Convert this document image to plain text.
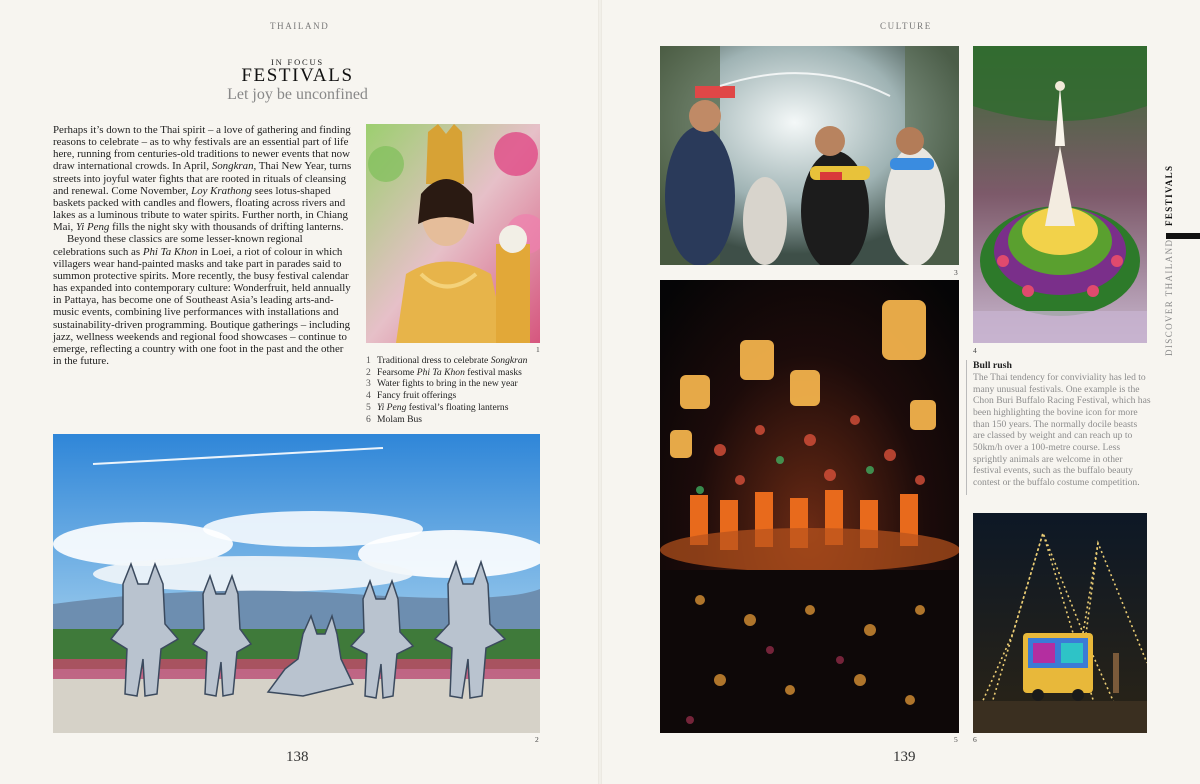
THAILAND
IN FOCUS
FESTIVALS
Let joy be unconfined

Perhaps it’s down to the Thai spirit – a love of gathering and finding reasons to celebrate – as to why festivals are an essential part of life here, running from centuries-old traditions to newer events that now draw international crowds. In April, Songkran, Thai New Year, turns streets into joyful water fights that are rooted in rituals of cleansing and renewal. Come November, Loy Krathong sees lotus-shaped baskets packed with candles and flowers, floating across rivers and lakes as a luminous tribute to water spirits. Further north, in Chiang Mai, Yi Peng fills the night sky with thousands of drifting lanterns.

Beyond these classics are some lesser-known regional celebrations such as Phi Ta Khon in Loei, a riot of colour in which villagers wear hand-painted masks and take part in parades said to summon protective spirits. More recently, the busy festival calendar has expanded into contemporary culture: Wonderfruit, held annually in Pattaya, has become one of Southeast Asia’s leading arts-and-music events, combining live performances with installations and sustainability-driven programming. Boutique gatherings – including jazz, wellness weekends and regional food showcases – continue to emerge, reflecting a country with one foot in the past and the other in the future.

1
1 Traditional dress to celebrate Songkran
2 Fearsome Phi Ta Khon festival masks
3 Water fights to bring in the new year
4 Fancy fruit offerings
5 Yi Peng festival’s floating lanterns
6 Molam Bus
2
138
CULTURE
3
4
5
Bull rush
The Thai tendency for conviviality has led to many unusual festivals. One example is the Chon Buri Buffalo Racing Festival, which has been highlighting the bovine icon for more than 150 years. The normally docile beasts are classed by weight and can reach up to 50km/h over a 100-metre course. Less sprightly animals are welcome in other festival events, such as the buffalo beauty contest or the buffalo costume competition.
6
139
DISCOVER THAILAND
FESTIVALS
